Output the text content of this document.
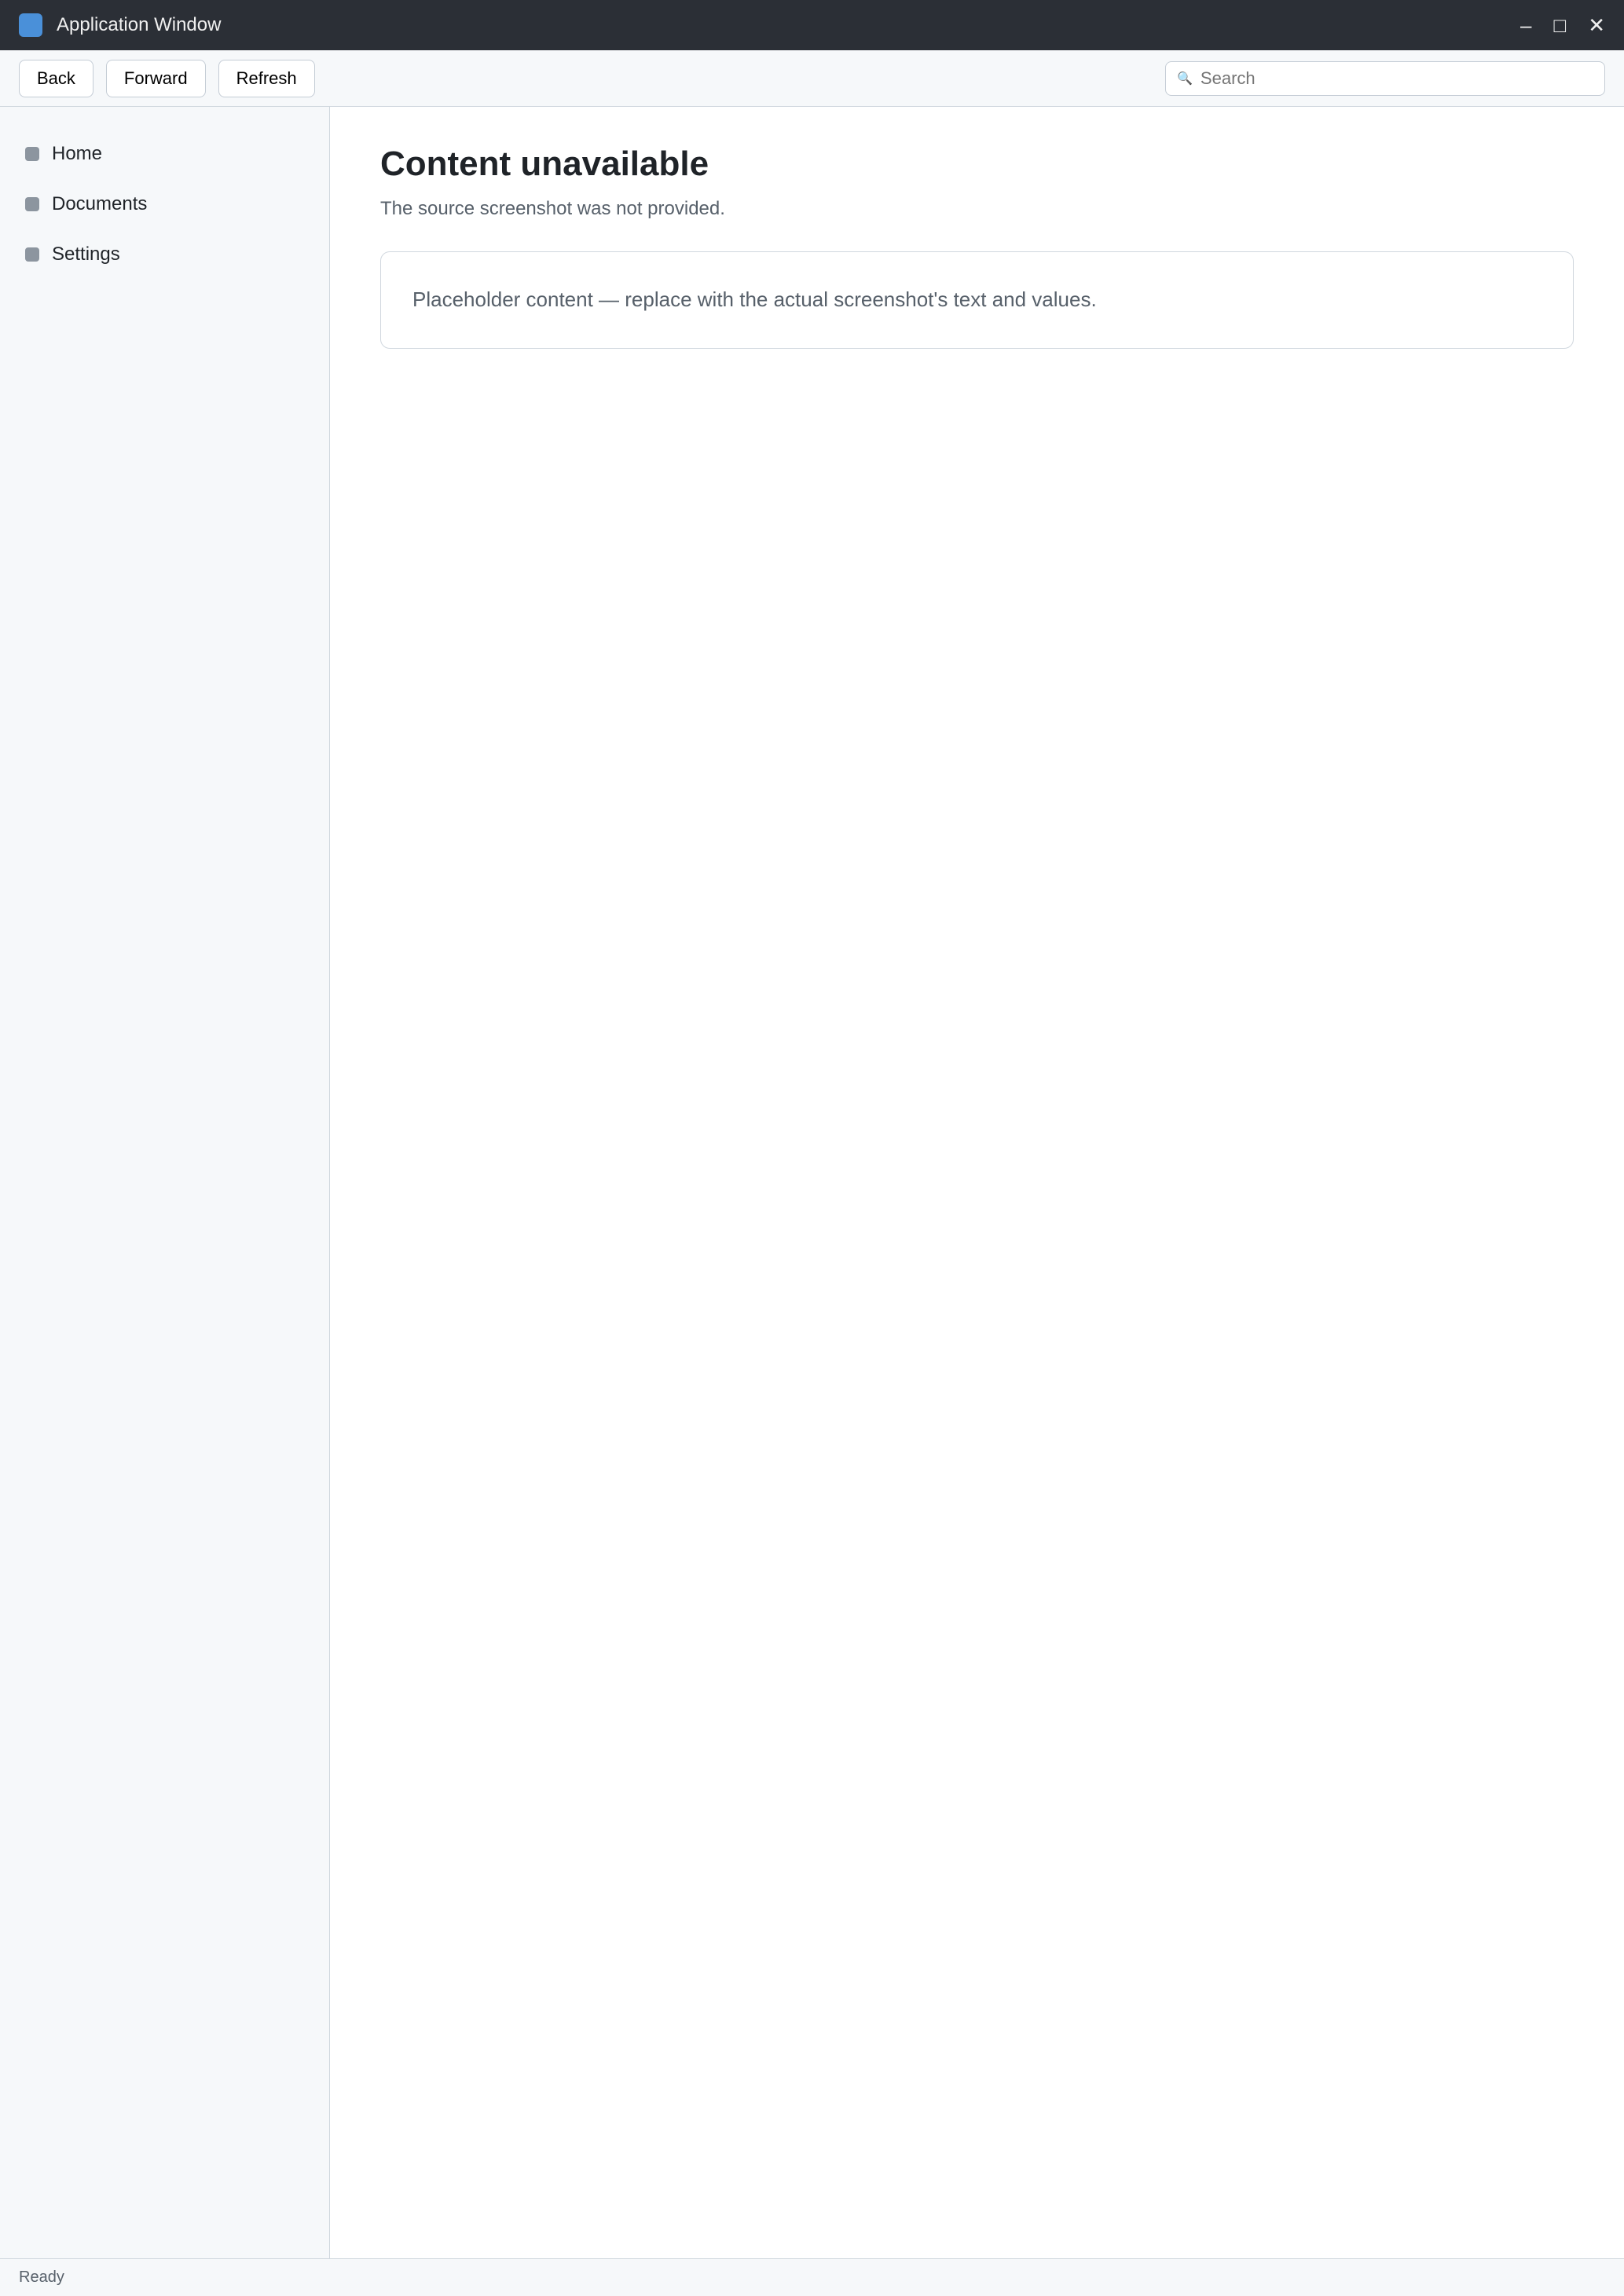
Application Window	– □ ✕
Back	Forward	Refresh	🔍
Search
Home
Documents
Settings
Content unavailable

The source screenshot was not provided.

Placeholder content — replace with the actual screenshot's text and values.

Ready
